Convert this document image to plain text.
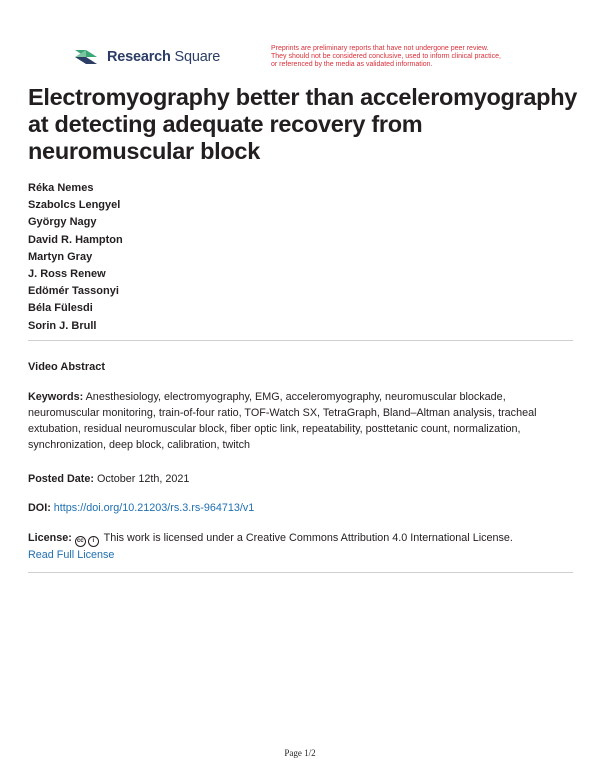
Research Square
Preprints are preliminary reports that have not undergone peer review.
They should not be considered conclusive, used to inform clinical practice,
or referenced by the media as validated information.
Electromyography better than acceleromyography at detecting adequate recovery from neuromuscular block
Réka Nemes
Szabolcs Lengyel
György Nagy
David R. Hampton
Martyn Gray
J. Ross Renew
Edömér Tassonyi
Béla Fülesdi
Sorin J. Brull
Video Abstract
Keywords: Anesthesiology, electromyography, EMG, acceleromyography, neuromuscular blockade, neuromuscular monitoring, train-of-four ratio, TOF-Watch SX, TetraGraph, Bland–Altman analysis, tracheal extubation, residual neuromuscular block, fiber optic link, repeatability, posttetanic count, normalization, synchronization, deep block, calibration, twitch
Posted Date: October 12th, 2021
DOI: https://doi.org/10.21203/rs.3.rs-964713/v1
License: cc i This work is licensed under a Creative Commons Attribution 4.0 International License.
Read Full License
Page 1/2
